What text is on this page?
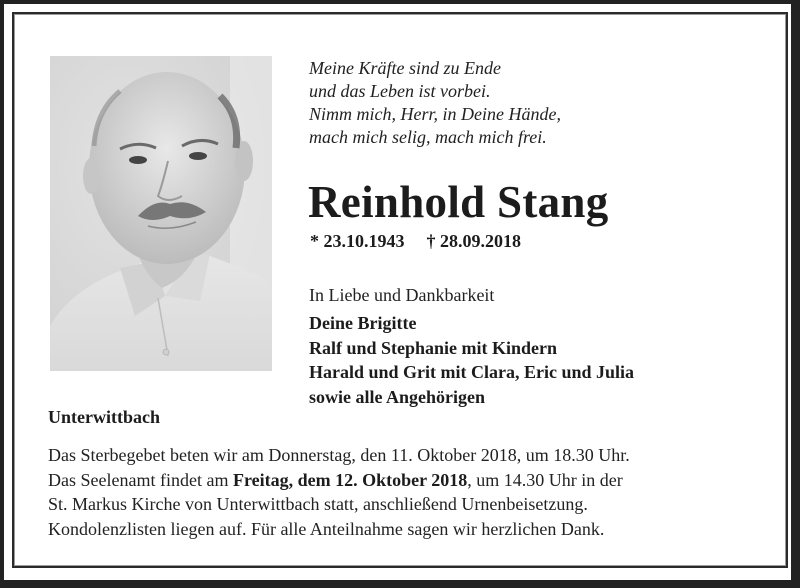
Meine Kräfte sind zu Ende
und das Leben ist vorbei.
Nimm mich, Herr, in Deine Hände,
mach mich selig, mach mich frei.
Reinhold Stang
* 23.10.1943 † 28.09.2018
In Liebe und Dankbarkeit
Deine Brigitte
Ralf und Stephanie mit Kindern
Harald und Grit mit Clara, Eric und Julia
sowie alle Angehörigen
Unterwittbach
Das Sterbegebet beten wir am Donnerstag, den 11. Oktober 2018, um 18.30 Uhr.
Das Seelenamt findet am Freitag, dem 12. Oktober 2018, um 14.30 Uhr in der
St. Markus Kirche von Unterwittbach statt, anschließend Urnenbeisetzung.
Kondolenzlisten liegen auf. Für alle Anteilnahme sagen wir herzlichen Dank.
